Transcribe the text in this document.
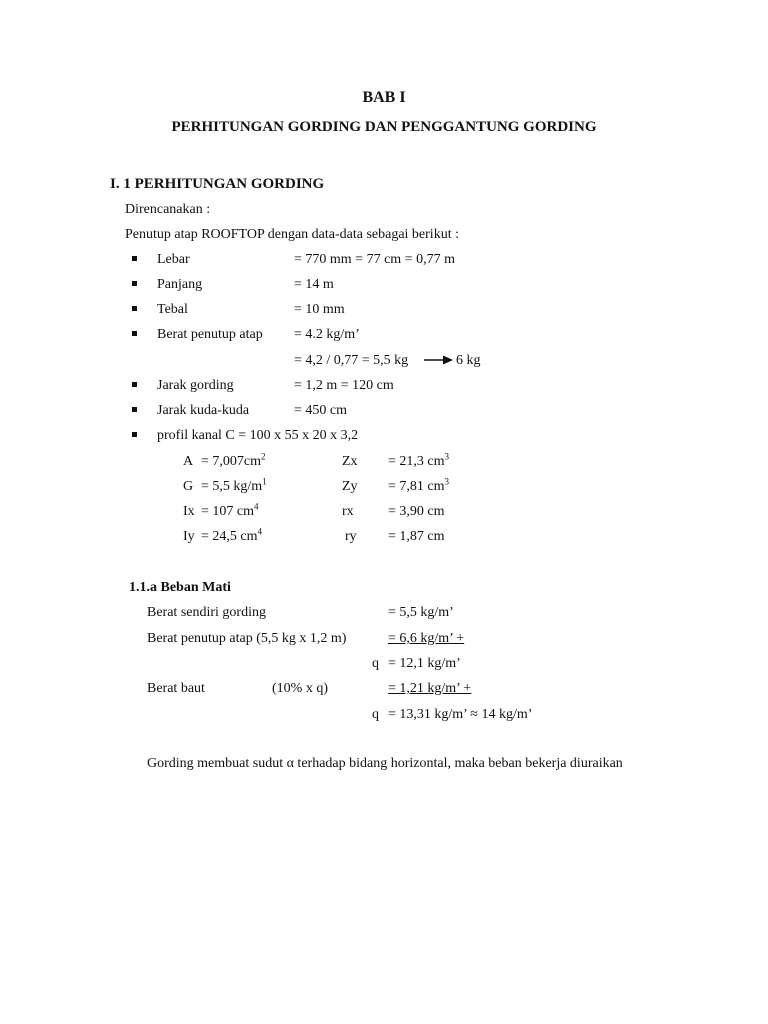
BAB I
PERHITUNGAN GORDING DAN PENGGANTUNG GORDING
I. 1 PERHITUNGAN GORDING
Direncanakan :
Penutup atap ROOFTOP dengan data-data sebagai berikut :
Lebar	= 770 mm = 77 cm = 0,77 m
Panjang	= 14 m
Tebal	= 10 mm
Berat penutup atap = 4.2 kg/m’
= 4,2 / 0,77 = 5,5 kg	6 kg
Jarak gording	= 1,2 m = 120 cm
Jarak kuda-kuda	= 450 cm
profil kanal C = 100 x 55 x 20 x 3,2
$A = 7,007cm^2$	Zx = 21,3 $cm^3$
G = 5,5 $kg/m^1$	Zy = 7,81 $cm^3$
Ix = 107 $cm^4$	rx = 3,90 cm
Iy = 24,5 $cm^4$	ry = 1,87 cm
1.1.a Beban Mati
Berat sendiri gording	= 5,5 kg/m’
Berat penutup atap (5,5 kg x 1,2 m)	= 6,6 kg/m’ +
q = 12,1 kg/m’
Berat baut	(10% x q)	= 1,21 kg/m’ +
q = 13,31 kg/m’ ≈ 14 kg/m’
Gording membuat sudut α terhadap bidang horizontal, maka beban bekerja diuraikan
